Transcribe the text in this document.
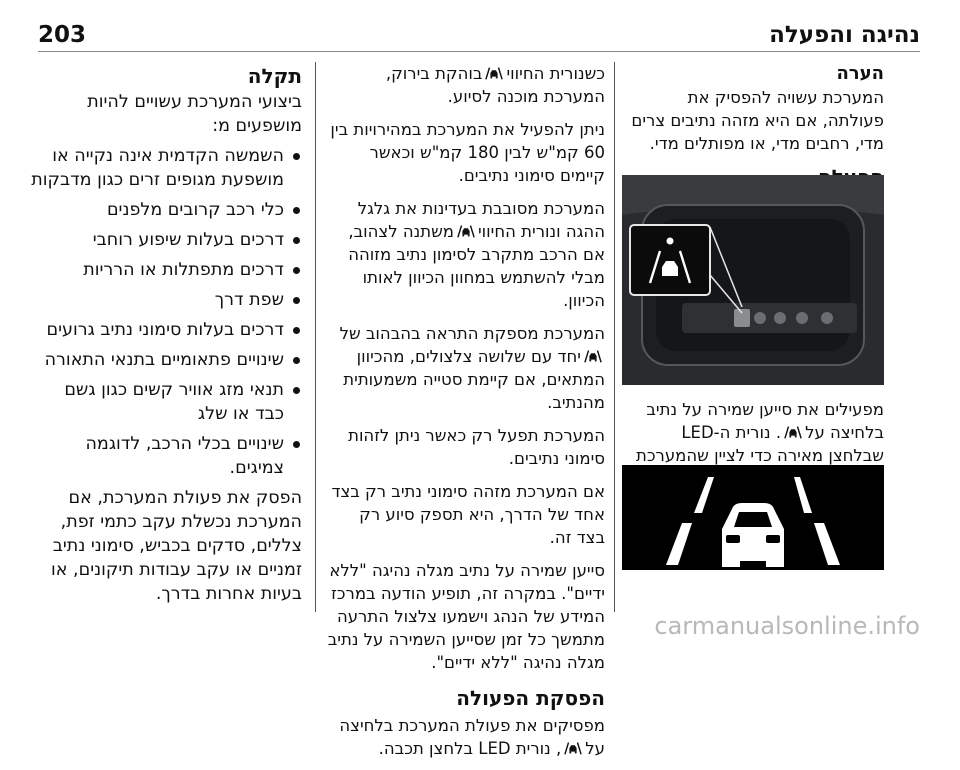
203	נהיגה והפעלה
תקלה

ביצועי המערכת עשויים להיות מושפעים מ:

השמשה הקדמית אינה נקייה או מושפעת מגופים זרים כגון מדבקות
כלי רכב קרובים מלפנים
דרכים בעלות שיפוע רוחבי
דרכים מתפתלות או הרריות
שפת דרך
דרכים בעלות סימוני נתיב גרועים
שינויים פתאומיים בתנאי התאורה
תנאי מזג אוויר קשים כגון גשם כבד או שלג
שינויים בכלי הרכב, לדוגמה צמיגים.

הפסק את פעולת המערכת, אם המערכת נכשלת עקב כתמי זפת, צללים, סדקים בכביש, סימוני נתיב זמניים או עקב עבודות תיקונים, או בעיות אחרות בדרך.

כשנורית החיוויבוהקת בירוק, המערכת מוכנה לסיוע.

ניתן להפעיל את המערכת במהירויות בין 60 קמ"ש לבין 180 קמ"ש וכאשר קיימים סימוני נתיבים.

המערכת מסובבת בעדינות את גלגל ההגה ונורית החיווימשתנה לצהוב, אם הרכב מתקרב לסימון נתיב מזוהה מבלי להשתמש במחוון הכיוון לאותו הכיוון.

המערכת מספקת התראה בהבהוב שליחד עם שלושה צלצולים, מהכיוון המתאים, אם קיימת סטייה משמעותית מהנתיב.

המערכת תפעל רק כאשר ניתן לזהות סימוני נתיבים.

אם המערכת מזהה סימוני נתיב רק בצד אחד של הדרך, היא תספק סיוע רק בצד זה.

סייען שמירה על נתיב מגלה נהיגה "ללא ידיים". במקרה זה, תופיע הודעה במרכז המידע של הנהג וישמעו צלצול התרעה מתמשך כל זמן שסייען השמירה על נתיב מגלה נהיגה "ללא ידיים".

הפסקת הפעולה

מפסיקים את פעולת המערכת בלחיצה על, נורית LED בלחצן תכבה.

הערה

המערכת עשויה להפסיק את פעולתה, אם היא מזהה נתיבים צרים מדי, רחבים מדי, או מפותלים מדי.

מפעילים את סייען שמירה על נתיב בלחיצה על. נורית ה-LED שבלחצן מאירה כדי לציין שהמערכת

carmanualsonline.info
